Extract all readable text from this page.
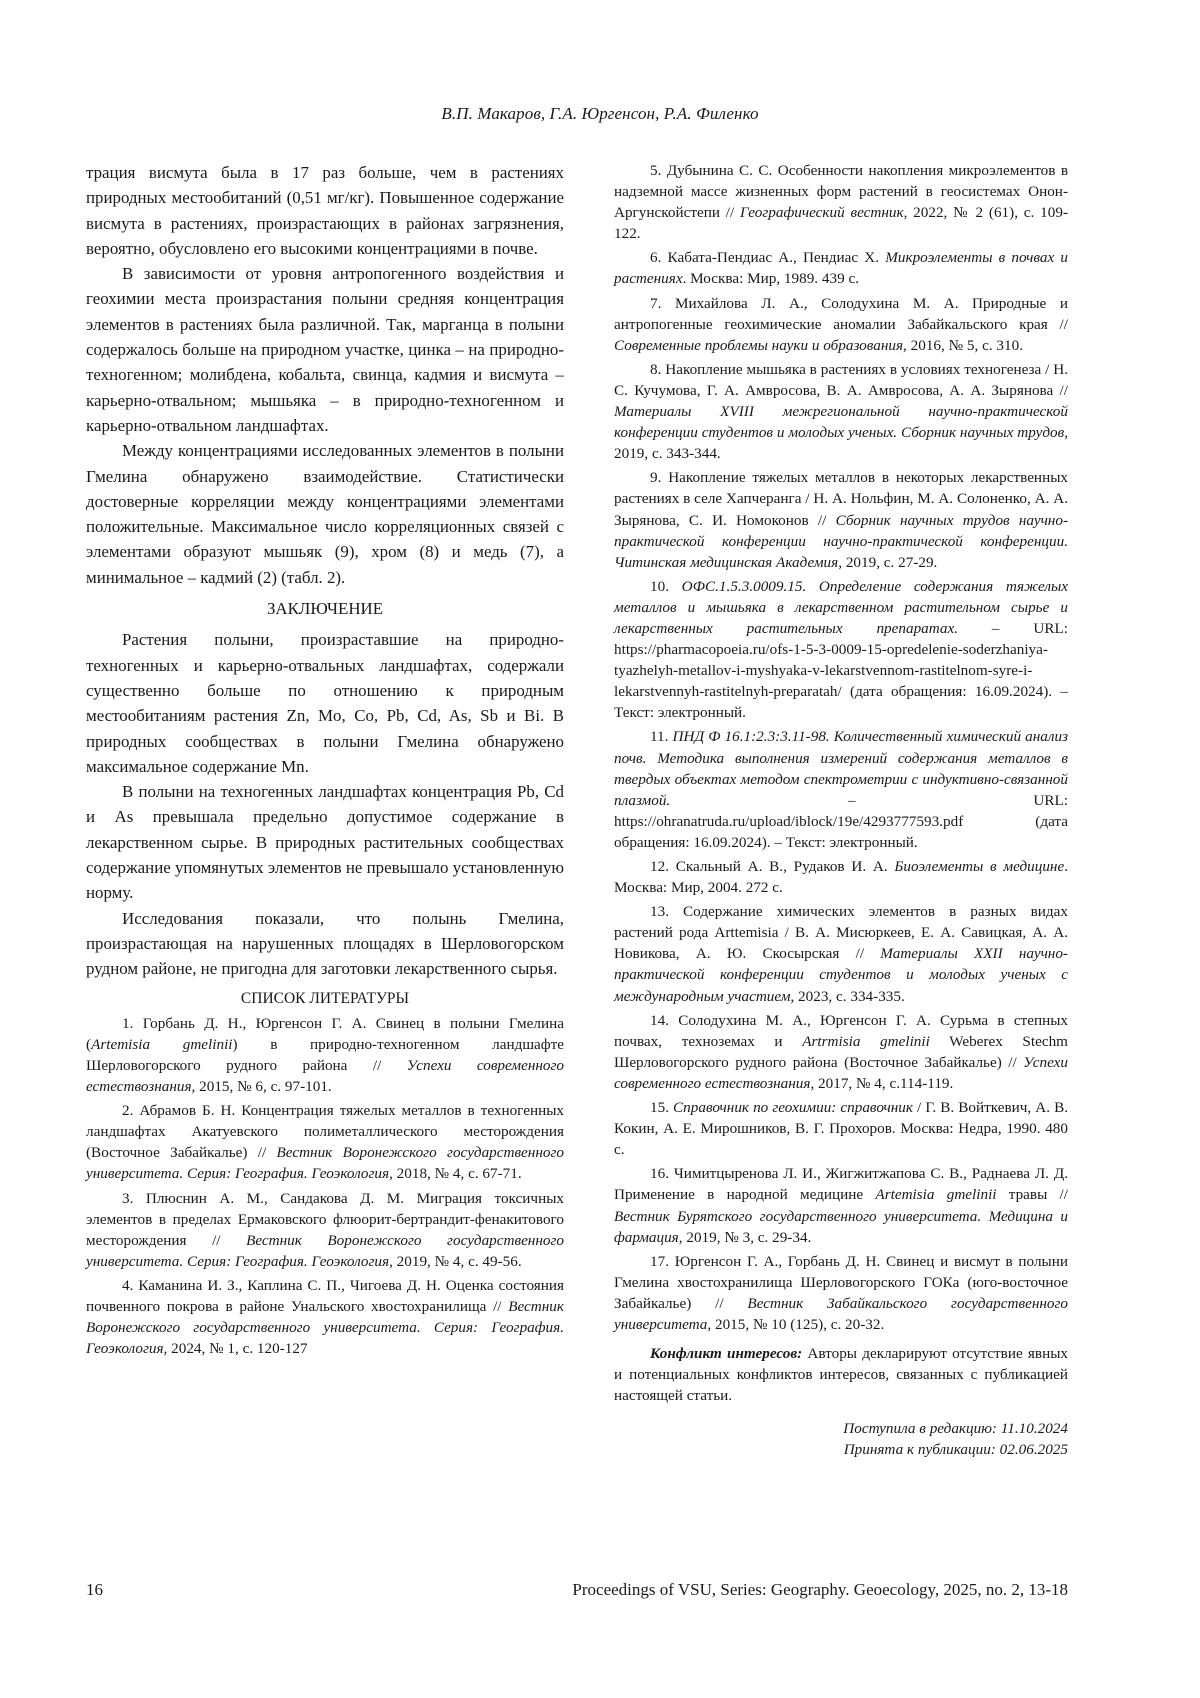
В.П. Макаров, Г.А. Юргенсон, Р.А. Филенко

трация висмута была в 17 раз больше, чем в растениях природных местообитаний (0,51 мг/кг). Повышенное содержание висмута в растениях, произрастающих в районах загрязнения, вероятно, обусловлено его высокими концентрациями в почве.

В зависимости от уровня антропогенного воздействия и геохимии места произрастания полыни средняя концентрация элементов в растениях была различной. Так, марганца в полыни содержалось больше на природном участке, цинка – на природно-техногенном; молибдена, кобальта, свинца, кадмия и висмута – карьерно-отвальном; мышьяка – в природно-техногенном и карьерно-отвальном ландшафтах.

Между концентрациями исследованных элементов в полыни Гмелина обнаружено взаимодействие. Статистически достоверные корреляции между концентрациями элементами положительные. Максимальное число корреляционных связей с элементами образуют мышьяк (9), хром (8) и медь (7), а минимальное – кадмий (2) (табл. 2).

ЗАКЛЮЧЕНИЕ

Растения полыни, произраставшие на природно-техногенных и карьерно-отвальных ландшафтах, содержали существенно больше по отношению к природным местообитаниям растения Zn, Mo, Co, Pb, Cd, As, Sb и Bi. В природных сообществах в полыни Гмелина обнаружено максимальное содержание Mn.

В полыни на техногенных ландшафтах концентрация Pb, Cd и As превышала предельно допустимое содержание в лекарственном сырье. В природных растительных сообществах содержание упомянутых элементов не превышало установленную норму.

Исследования показали, что полынь Гмелина, произрастающая на нарушенных площадях в Шерловогорском рудном районе, не пригодна для заготовки лекарственного сырья.

СПИСОК ЛИТЕРАТУРЫ

1. Горбань Д. Н., Юргенсон Г. А. Свинец в полыни Гмелина (Artemisia gmelinii) в природно-техногенном ландшафте Шерловогорского рудного района // Успехи современного естествознания, 2015, № 6, с. 97-101.

2. Абрамов Б. Н. Концентрация тяжелых металлов в техногенных ландшафтах Акатуевского полиметаллического месторождения (Восточное Забайкалье) // Вестник Воронежского государственного университета. Серия: География. Геоэкология, 2018, № 4, с. 67-71.

3. Плюснин А. М., Сандакова Д. М. Миграция токсичных элементов в пределах Ермаковского флюорит-бертрандит-фенакитового месторождения // Вестник Воронежского государственного университета. Серия: География. Геоэкология, 2019, № 4, с. 49-56.

4. Каманина И. З., Каплина С. П., Чигоева Д. Н. Оценка состояния почвенного покрова в районе Унальского хвостохранилища // Вестник Воронежского государственного университета. Серия: География. Геоэкология, 2024, № 1, с. 120-127

5. Дубынина С. С. Особенности накопления микроэлементов в надземной массе жизненных форм растений в геосистемах Онон-Аргунскойстепи // Географический вестник, 2022, № 2 (61), с. 109-122.

6. Кабата-Пендиас А., Пендиас Х. Микроэлементы в почвах и растениях. Москва: Мир, 1989. 439 с.

7. Михайлова Л. А., Солодухина М. А. Природные и антропогенные геохимические аномалии Забайкальского края // Современные проблемы науки и образования, 2016, № 5, с. 310.

8. Накопление мышьяка в растениях в условиях техногенеза / Н. С. Кучумова, Г. А. Амвросова, В. А. Амвросова, А. А. Зырянова // Материалы XVIII межрегиональной научно-практической конференции студентов и молодых ученых. Сборник научных трудов, 2019, с. 343-344.

9. Накопление тяжелых металлов в некоторых лекарственных растениях в селе Хапчеранга / Н. А. Нольфин, М. А. Солоненко, А. А. Зырянова, С. И. Номоконов // Сборник научных трудов научно-практической конференции научно-практической конференции. Читинская медицинская Академия, 2019, с. 27-29.

10. ОФС.1.5.3.0009.15. Определение содержания тяжелых металлов и мышьяка в лекарственном растительном сырье и лекарственных растительных препаратах. – URL: https://pharmacopoeia.ru/ofs-1-5-3-0009-15-opredelenie-soderzhaniya-tyazhelyh-metallov-i-myshyaka-v-lekarstvennom-rastitelnom-syre-i-lekarstvennyh-rastitelnyh-preparatah/ (дата обращения: 16.09.2024). – Текст: электронный.

11. ПНД Ф 16.1:2.3:3.11-98. Количественный химический анализ почв. Методика выполнения измерений содержания металлов в твердых объектах методом спектрометрии с индуктивно-связанной плазмой. – URL: https://ohranatruda.ru/upload/iblock/19e/4293777593.pdf (дата обращения: 16.09.2024). – Текст: электронный.

12. Скальный А. В., Рудаков И. А. Биоэлементы в медицине. Москва: Мир, 2004. 272 с.

13. Содержание химических элементов в разных видах растений рода Arttemisia / В. А. Мисюркеев, Е. А. Савицкая, А. А. Новикова, А. Ю. Скосырская // Материалы XXII научно-практической конференции студентов и молодых ученых с международным участием, 2023, с. 334-335.

14. Солодухина М. А., Юргенсон Г. А. Сурьма в степных почвах, техноземах и Artrmisia gmelinii Weberex Stechm Шерловогорского рудного района (Восточное Забайкалье) // Успехи современного естествознания, 2017, № 4, с.114-119.

15. Справочник по геохимии: справочник / Г. В. Войткевич, А. В. Кокин, А. Е. Мирошников, В. Г. Прохоров. Москва: Недра, 1990. 480 с.

16. Чимитцыренова Л. И., Жигжитжапова С. В., Раднаева Л. Д. Применение в народной медицине Artemisia gmelinii травы // Вестник Бурятского государственного университета. Медицина и фармация, 2019, № 3, с. 29-34.

17. Юргенсон Г. А., Горбань Д. Н. Свинец и висмут в полыни Гмелина хвостохранилища Шерловогорского ГОКа (юго-восточное Забайкалье) // Вестник Забайкальского государственного университета, 2015, № 10 (125), с. 20-32.

Конфликт интересов: Авторы декларируют отсутствие явных и потенциальных конфликтов интересов, связанных с публикацией настоящей статьи.

Поступила в редакцию: 11.10.2024
Принята к публикации: 02.06.2025
16	Proceedings of VSU, Series: Geography. Geoecology, 2025, no. 2, 13-18
